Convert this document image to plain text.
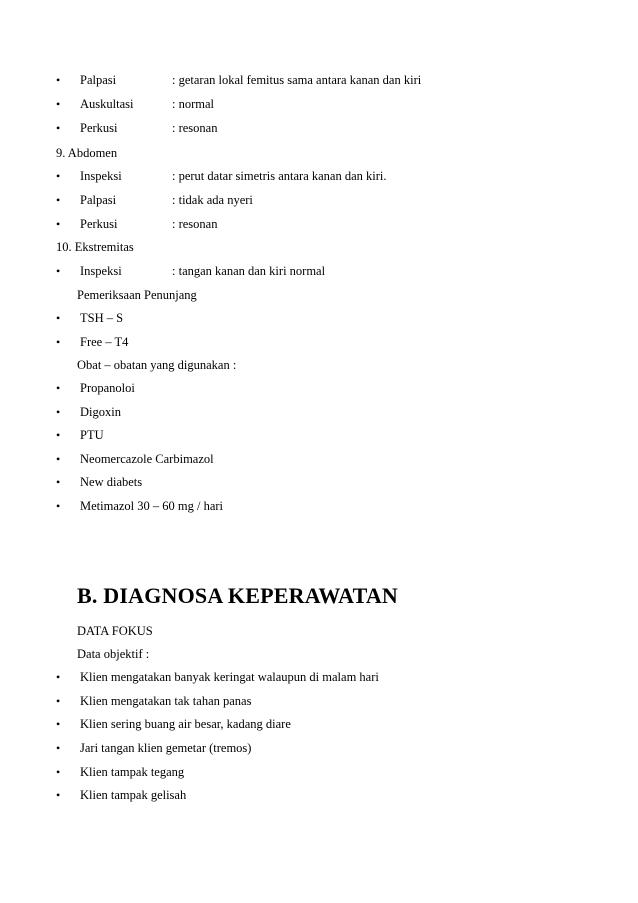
• Palpasi	: getaran lokal femitus sama antara kanan dan kiri
• Auskultasi	: normal
• Perkusi	: resonan
9. Abdomen
• Inspeksi	: perut datar simetris antara kanan dan kiri.
• Palpasi	: tidak ada nyeri
• Perkusi	: resonan
10. Ekstremitas
• Inspeksi	: tangan kanan dan kiri normal
Pemeriksaan Penunjang
• TSH – S
• Free – T4
Obat – obatan yang digunakan :
• Propanoloi
• Digoxin
• PTU
• Neomercazole Carbimazol
• New diabets
• Metimazol 30 – 60 mg / hari
B. DIAGNOSA KEPERAWATAN
DATA FOKUS
Data objektif :
• Klien mengatakan banyak keringat walaupun di malam hari
• Klien mengatakan tak tahan panas
• Klien sering buang air besar, kadang diare
• Jari tangan klien gemetar (tremos)
• Klien tampak tegang
• Klien tampak gelisah
